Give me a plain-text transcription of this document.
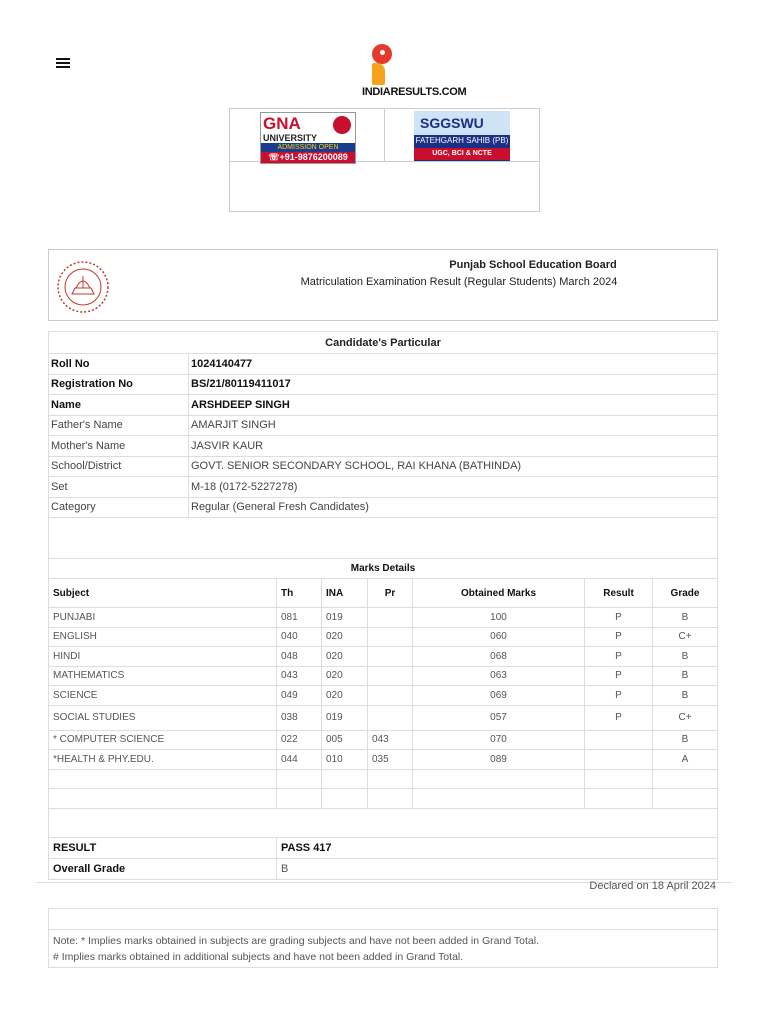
INDIARESULTS.COM
GNA
UNIVERSITY
ADMISSION OPEN
☏+91-9876200089
SGGSWU
FATEHGARH SAHIB (PB)
UGC, BCI & NCTE APPROVED
Punjab School Education Board
Matriculation Examination Result (Regular Students) March 2024
Candidate's Particular	
Roll No	1024140477
Registration No	BS/21/80119411017
Name	ARSHDEEP SINGH
Father's Name	AMARJIT SINGH
Mother's Name	JASVIR KAUR
School/District	GOVT. SENIOR SECONDARY SCHOOL, RAI KHANA (BATHINDA)
Set	M-18 (0172-5227278)
Category	Regular (General Fresh Candidates)

Marks Details						
Subject	Th	INA	Pr	Obtained Marks	Result	Grade
PUNJABI	081	019		100	P	B
ENGLISH	040	020		060	P	C+
HINDI	048	020		068	P	B
MATHEMATICS	043	020		063	P	B
SCIENCE	049	020		069	P	B
SOCIAL STUDIES	038	019		057	P	C+
* COMPUTER SCIENCE	022	005	043	070		B
*HEALTH & PHY.EDU.	044	010	035	089		A

RESULT	PASS 417					
Overall Grade	B					
Declared on 18 April 2024
Note: * Implies marks obtained in subjects are grading subjects and have not been added in Grand Total.
# Implies marks obtained in additional subjects and have not been added in Grand Total.
